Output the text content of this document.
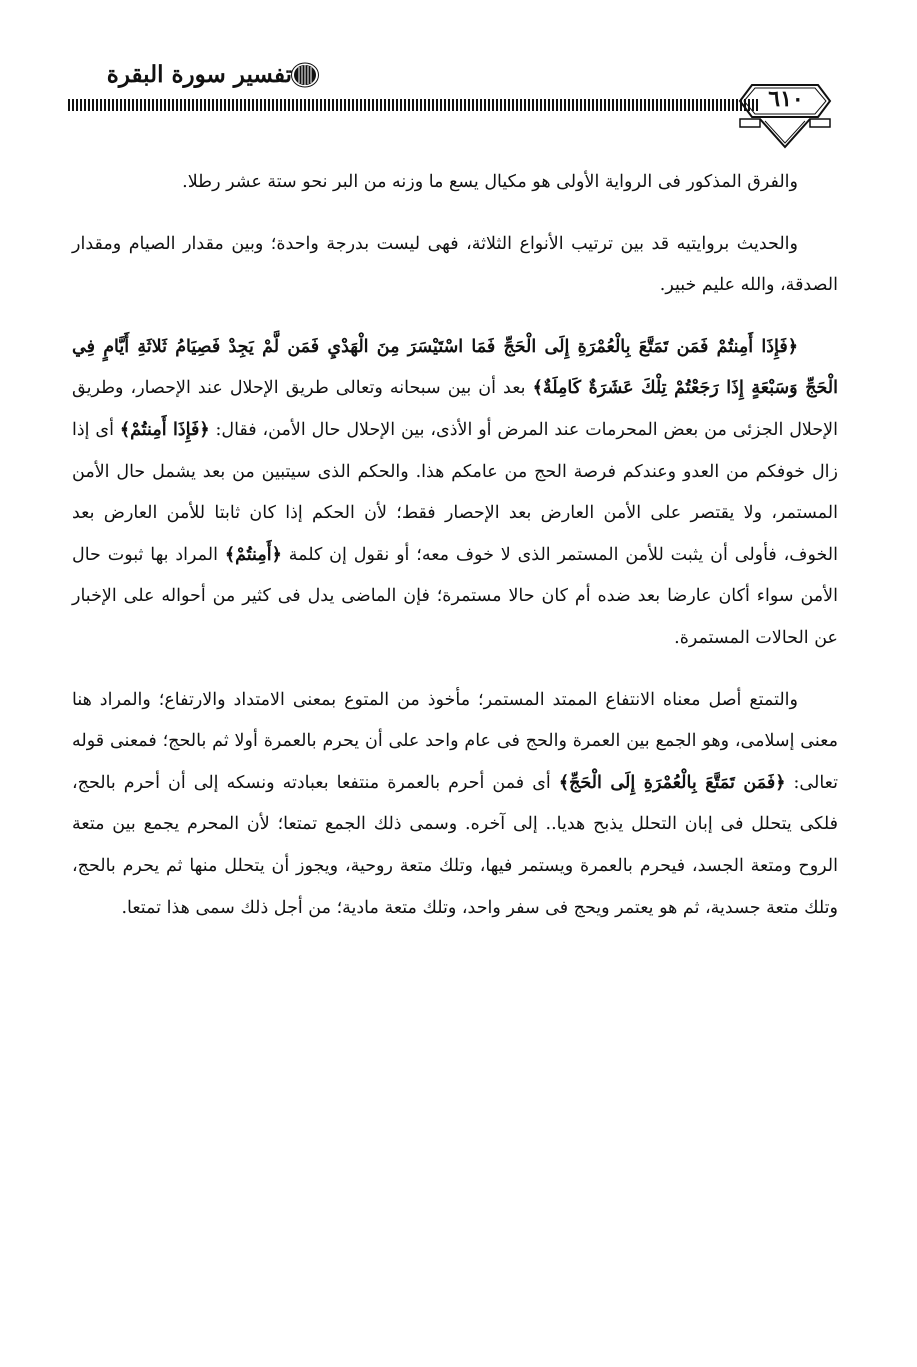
تفسير سورة البقرة
٦١٠

والفرق المذكور فى الرواية الأولى هو مكيال يسع ما وزنه من البر نحو ستة عشر رطلا.

والحديث بروايتيه قد بين ترتيب الأنواع الثلاثة، فهى ليست بدرجة واحدة؛ وبين مقدار الصيام ومقدار الصدقة، والله عليم خبير.

﴿فَإِذَا أَمِنتُمْ فَمَن تَمَتَّعَ بِالْعُمْرَةِ إِلَى الْحَجِّ فَمَا اسْتَيْسَرَ مِنَ الْهَدْيِ فَمَن لَّمْ يَجِدْ فَصِيَامُ ثَلاثَةِ أَيَّامٍ فِي الْحَجِّ وَسَبْعَةٍ إِذَا رَجَعْتُمْ تِلْكَ عَشَرَةٌ كَامِلَةٌ﴾ بعد أن بين سبحانه وتعالى طريق الإحلال عند الإحصار، وطريق الإحلال الجزئى من بعض المحرمات عند المرض أو الأذى، بين الإحلال حال الأمن، فقال: ﴿فَإِذَا أَمِنتُمْ﴾ أى إذا زال خوفكم من العدو وعندكم فرصة الحج من عامكم هذا. والحكم الذى سيتبين من بعد يشمل حال الأمن المستمر، ولا يقتصر على الأمن العارض بعد الإحصار فقط؛ لأن الحكم إذا كان ثابتا للأمن العارض بعد الخوف، فأولى أن يثبت للأمن المستمر الذى لا خوف معه؛ أو نقول إن كلمة ﴿أَمِنتُمْ﴾ المراد بها ثبوت حال الأمن سواء أكان عارضا بعد ضده أم كان حالا مستمرة؛ فإن الماضى يدل فى كثير من أحواله على الإخبار عن الحالات المستمرة.

والتمتع أصل معناه الانتفاع الممتد المستمر؛ مأخوذ من المتوع بمعنى الامتداد والارتفاع؛ والمراد هنا معنى إسلامى، وهو الجمع بين العمرة والحج فى عام واحد على أن يحرم بالعمرة أولا ثم بالحج؛ فمعنى قوله تعالى: ﴿فَمَن تَمَتَّعَ بِالْعُمْرَةِ إِلَى الْحَجِّ﴾ أى فمن أحرم بالعمرة منتفعا بعبادته ونسكه إلى أن أحرم بالحج، فلكى يتحلل فى إبان التحلل يذبح هديا.. إلى آخره. وسمى ذلك الجمع تمتعا؛ لأن المحرم يجمع بين متعة الروح ومتعة الجسد، فيحرم بالعمرة ويستمر فيها، وتلك متعة روحية، ويجوز أن يتحلل منها ثم يحرم بالحج، وتلك متعة جسدية، ثم هو يعتمر ويحج فى سفر واحد، وتلك متعة مادية؛ من أجل ذلك سمى هذا تمتعا.
